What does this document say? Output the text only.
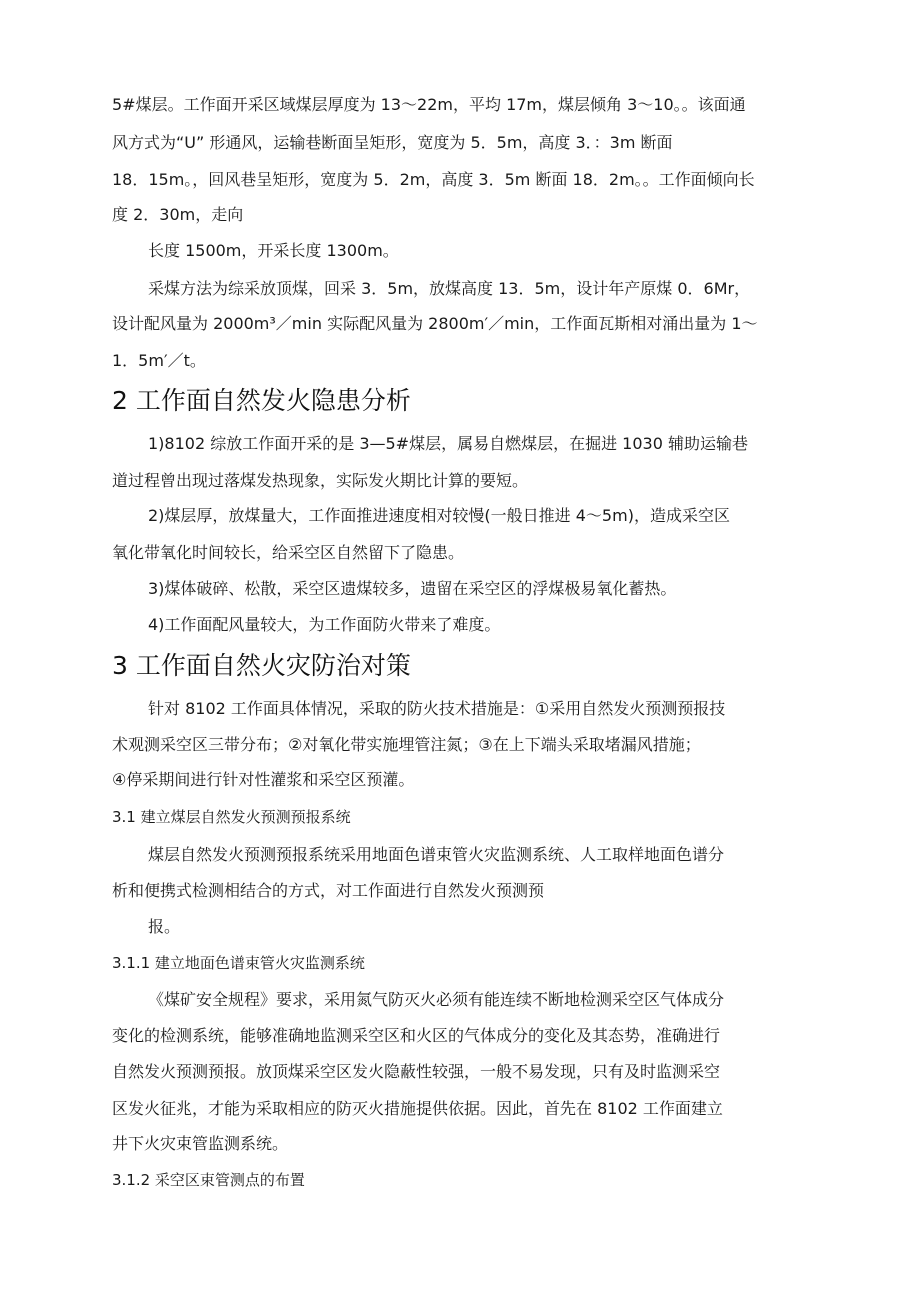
5#煤层。工作面开采区域煤层厚度为 13～22m，平均 17m，煤层倾角 3～10。。该面通
风方式为“U” 形通风，运输巷断面呈矩形，宽度为 5．5m，高度 3．：3m 断面
18．15m。，回风巷呈矩形，宽度为 5．2m，高度 3．5m 断面 18．2m。。工作面倾向长
度 2．30m，走向
长度 1500m，开采长度 1300m。
采煤方法为综采放顶煤，回采 3．5m，放煤高度 13．5m，设计年产原煤 0．6Mr，
设计配风量为 2000m³／min 实际配风量为 2800m′／min，工作面瓦斯相对涌出量为 1～
1．5m′／t。
2 工作面自然发火隐患分析
1)8102 综放工作面开采的是 3—5#煤层，属易自燃煤层，在掘进 1030 辅助运输巷
道过程曾出现过落煤发热现象，实际发火期比计算的要短。
2)煤层厚，放煤量大，工作面推进速度相对较慢(一般日推进 4～5m)，造成采空区
氧化带氧化时间较长，给采空区自然留下了隐患。
3)煤体破碎、松散，采空区遗煤较多，遗留在采空区的浮煤极易氧化蓄热。
4)工作面配风量较大，为工作面防火带来了难度。
3 工作面自然火灾防治对策
针对 8102 工作面具体情况，采取的防火技术措施是：①采用自然发火预测预报技
术观测采空区三带分布；②对氧化带实施埋管注氮；③在上下端头采取堵漏风措施；
④停采期间进行针对性灌浆和采空区预灌。
3.1 建立煤层自然发火预测预报系统
煤层自然发火预测预报系统采用地面色谱束管火灾监测系统、人工取样地面色谱分
析和便携式检测相结合的方式，对工作面进行自然发火预测预
报。
3.1.1 建立地面色谱束管火灾监测系统
《煤矿安全规程》要求，采用氮气防灭火必须有能连续不断地检测采空区气体成分
变化的检测系统，能够准确地监测采空区和火区的气体成分的变化及其态势，准确进行
自然发火预测预报。放顶煤采空区发火隐蔽性较强，一般不易发现，只有及时监测采空
区发火征兆，才能为采取相应的防灭火措施提供依据。因此，首先在 8102 工作面建立
井下火灾束管监测系统。
3.1.2 采空区束管测点的布置
